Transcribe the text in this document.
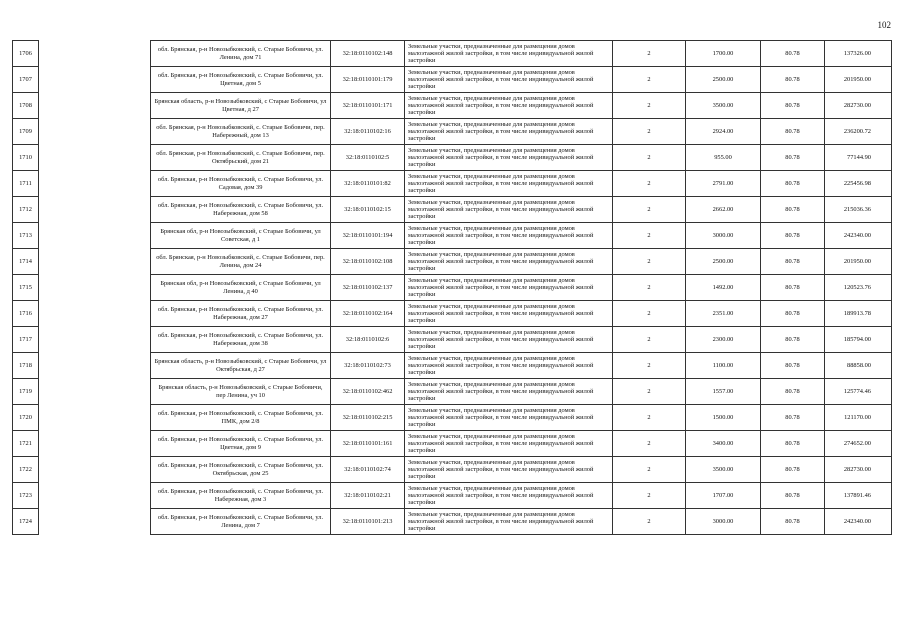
102
1706		обл. Брянская, р-н Новозыбковский, с. Старые Бобовичи, ул. Ленина, дом 71	32:18:0110102:148	Земельные участки, предназначенные для размещения домов малоэтажной жилой застройки, в том числе индивидуальной жилой застройки	2	1700.00	80.78	137326.00
1707		обл. Брянская, р-н Новозыбковский, с. Старые Бобовичи, ул. Цветная, дом 5	32:18:0110101:179	Земельные участки, предназначенные для размещения домов малоэтажной жилой застройки, в том числе индивидуальной жилой застройки	2	2500.00	80.78	201950.00
1708		Брянская область, р-н Новозыбковский, с Старые Бобовичи, ул Цветная, д 27	32:18:0110101:171	Земельные участки, предназначенные для размещения домов малоэтажной жилой застройки, в том числе индивидуальной жилой застройки	2	3500.00	80.78	282730.00
1709		обл. Брянская, р-н Новозыбковский, с. Старые Бобовичи, пер. Набережный, дом 13	32:18:0110102:16	Земельные участки, предназначенные для размещения домов малоэтажной жилой застройки, в том числе индивидуальной жилой застройки	2	2924.00	80.78	236200.72
1710		обл. Брянская, р-н Новозыбковский, с. Старые Бобовичи, пер. Октябрьский, дом 21	32:18:0110102:5	Земельные участки, предназначенные для размещения домов малоэтажной жилой застройки, в том числе индивидуальной жилой застройки	2	955.00	80.78	77144.90
1711		обл. Брянская, р-н Новозыбковский, с. Старые Бобовичи, ул. Садовая, дом 39	32:18:0110101:82	Земельные участки, предназначенные для размещения домов малоэтажной жилой застройки, в том числе индивидуальной жилой застройки	2	2791.00	80.78	225456.98
1712		обл. Брянская, р-н Новозыбковский, с. Старые Бобовичи, ул. Набережная, дом 58	32:18:0110102:15	Земельные участки, предназначенные для размещения домов малоэтажной жилой застройки, в том числе индивидуальной жилой застройки	2	2662.00	80.78	215036.36
1713		Брянская обл, р-н Новозыбковский, с Старые Бобовичи, ул Советская, д 1	32:18:0110101:194	Земельные участки, предназначенные для размещения домов малоэтажной жилой застройки, в том числе индивидуальной жилой застройки	2	3000.00	80.78	242340.00
1714		обл. Брянская, р-н Новозыбковский, с. Старые Бобовичи, пер. Ленина, дом 24	32:18:0110102:108	Земельные участки, предназначенные для размещения домов малоэтажной жилой застройки, в том числе индивидуальной жилой застройки	2	2500.00	80.78	201950.00
1715		Брянская обл, р-н Новозыбковский, с Старые Бобовичи, ул Ленина, д 40	32:18:0110102:137	Земельные участки, предназначенные для размещения домов малоэтажной жилой застройки, в том числе индивидуальной жилой застройки	2	1492.00	80.78	120523.76
1716		обл. Брянская, р-н Новозыбковский, с. Старые Бобовичи, ул. Набережная, дом 27	32:18:0110102:164	Земельные участки, предназначенные для размещения домов малоэтажной жилой застройки, в том числе индивидуальной жилой застройки	2	2351.00	80.78	189913.78
1717		обл. Брянская, р-н Новозыбковский, с. Старые Бобовичи, ул. Набережная, дом 38	32:18:0110102:6	Земельные участки, предназначенные для размещения домов малоэтажной жилой застройки, в том числе индивидуальной жилой застройки	2	2300.00	80.78	185794.00
1718		Брянская область, р-н Новозыбковский, с Старые Бобовичи, ул Октябрьская, д 27	32:18:0110102:73	Земельные участки, предназначенные для размещения домов малоэтажной жилой застройки, в том числе индивидуальной жилой застройки	2	1100.00	80.78	88858.00
1719		Брянская область, р-н Новозыбковский, с Старые Бобовичи, пер Ленина, уч 10	32:18:0110102:462	Земельные участки, предназначенные для размещения домов малоэтажной жилой застройки, в том числе индивидуальной жилой застройки	2	1557.00	80.78	125774.46
1720		обл. Брянская, р-н Новозыбковский, с. Старые Бобовичи, ул. ПМК, дом 2/8	32:18:0110102:215	Земельные участки, предназначенные для размещения домов малоэтажной жилой застройки, в том числе индивидуальной жилой застройки	2	1500.00	80.78	121170.00
1721		обл. Брянская, р-н Новозыбковский, с. Старые Бобовичи, ул. Цветная, дом 9	32:18:0110101:161	Земельные участки, предназначенные для размещения домов малоэтажной жилой застройки, в том числе индивидуальной жилой застройки	2	3400.00	80.78	274652.00
1722		обл. Брянская, р-н Новозыбковский, с. Старые Бобовичи, ул. Октябрьская, дом 25	32:18:0110102:74	Земельные участки, предназначенные для размещения домов малоэтажной жилой застройки, в том числе индивидуальной жилой застройки	2	3500.00	80.78	282730.00
1723		обл. Брянская, р-н Новозыбковский, с. Старые Бобовичи, ул. Набережная, дом 3	32:18:0110102:21	Земельные участки, предназначенные для размещения домов малоэтажной жилой застройки, в том числе индивидуальной жилой застройки	2	1707.00	80.78	137891.46
1724		обл. Брянская, р-н Новозыбковский, с. Старые Бобовичи, ул. Ленина, дом 7	32:18:0110101:213	Земельные участки, предназначенные для размещения домов малоэтажной жилой застройки, в том числе индивидуальной жилой застройки	2	3000.00	80.78	242340.00
